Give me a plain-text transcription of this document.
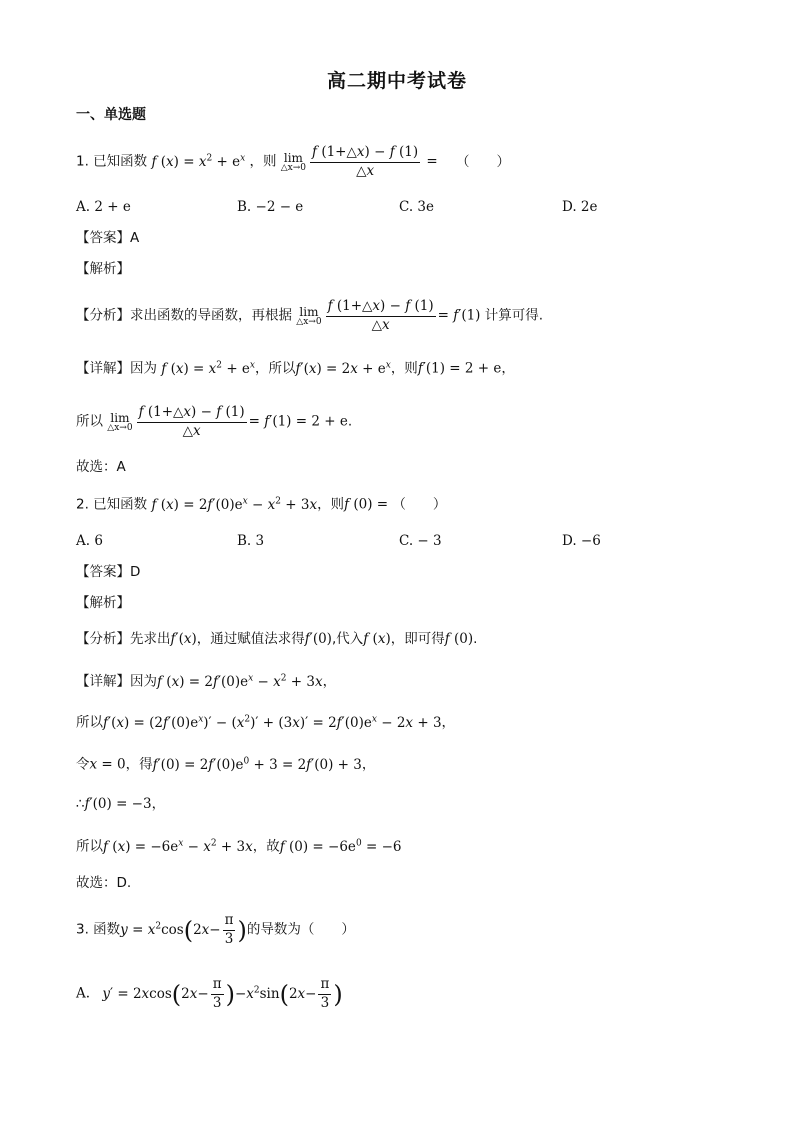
高二期中考试卷
一、单选题
1. 已知函数 f $(x) = x^2 + e^x$ ，则 lim
△x→0 $\frac{f (1+\triangle x) - f (1)}{\triangle x}$ = （　　）
A. 2 + e	B. −2 − e	C. 3e	D. 2e
【答案】A
【解析】
【分析】求出函数的导函数，再根据 lim
△x→0 $\frac{f (1+\triangle x) - f (1)}{\triangle x} = f'(1)$ 计算可得.
【详解】因为 f $(x) = x^2 + e^x$，所以$f'(x) = 2x + e^x$，则f′(1) = 2 + e，
所以 lim
△x→0 $\frac{f (1+\triangle x) - f (1)}{\triangle x} = f'(1) = 2 + e$.
故选：A
2. 已知函数 f $(x) = 2f'(0)e^x - x^2 + 3x$，则f (0) = （　　）
A. 6	B. 3	C. − 3	D. −6
【答案】D
【解析】
【分析】先求出f′(x)，通过赋值法求得f′(0),代入f (x)，即可得f (0).
【详解】因为f $(x) = 2f'(0)e^x - x^2 + 3x$，
所以$f'(x) = (2f'(0)e^x)' - (x^2)' + (3x)' = 2f'(0)e^x - 2x + 3$，
令x = 0，得$f'(0) = 2f'(0)e^0 + 3 = 2f'(0) + 3$，
∴f′(0) = −3，
所以f $(x) = -6e^x - x^2 + 3x$，故f $(0) = -6e^0 = -6$
故选：D.
3. 函数$y = x^2\cos(2x- \frac{\pi}{3}$ )的导数为（　　）
A. $y' = 2xcos(2x- \frac{\pi}{3} )-x^2\sin(2x- \frac{\pi}{3}$ )
